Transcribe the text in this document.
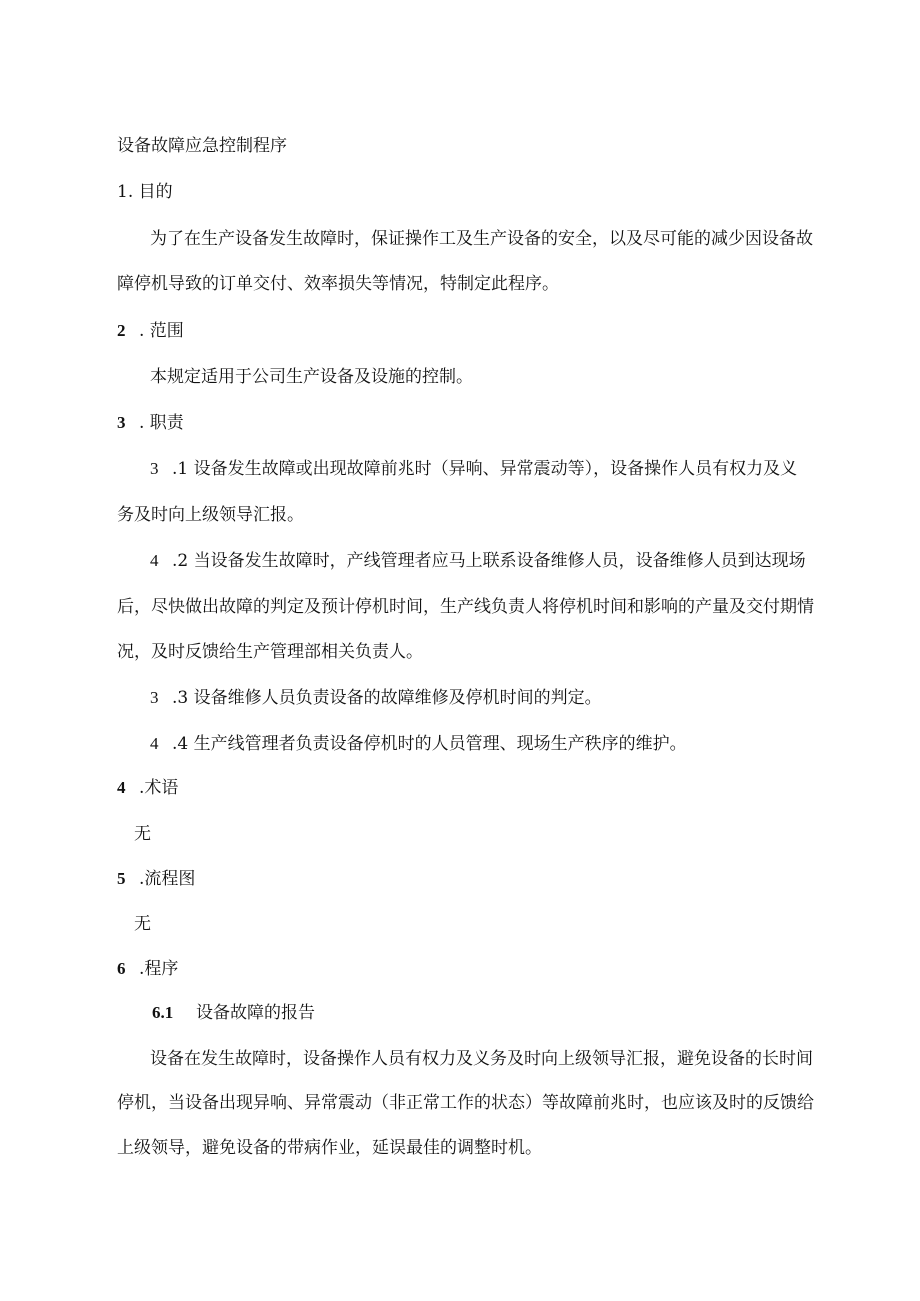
设备故障应急控制程序
1. 目的
为了在生产设备发生故障时，保证操作工及生产设备的安全，以及尽可能的减少因设备故
障停机导致的订单交付、效率损失等情况，特制定此程序。
2 . 范围
本规定适用于公司生产设备及设施的控制。
3 . 职责
3 .1 设备发生故障或出现故障前兆时（异响、异常震动等），设备操作人员有权力及义
务及时向上级领导汇报。
4 .2 当设备发生故障时，产线管理者应马上联系设备维修人员，设备维修人员到达现场
后，尽快做出故障的判定及预计停机时间，生产线负责人将停机时间和影响的产量及交付期情
况，及时反馈给生产管理部相关负责人。
3 .3 设备维修人员负责设备的故障维修及停机时间的判定。
4 .4 生产线管理者负责设备停机时的人员管理、现场生产秩序的维护。
4 .术语
无
5 .流程图
无
6 .程序
6.1 设备故障的报告
设备在发生故障时，设备操作人员有权力及义务及时向上级领导汇报，避免设备的长时间
停机，当设备出现异响、异常震动（非正常工作的状态）等故障前兆时，也应该及时的反馈给
上级领导，避免设备的带病作业，延误最佳的调整时机。
